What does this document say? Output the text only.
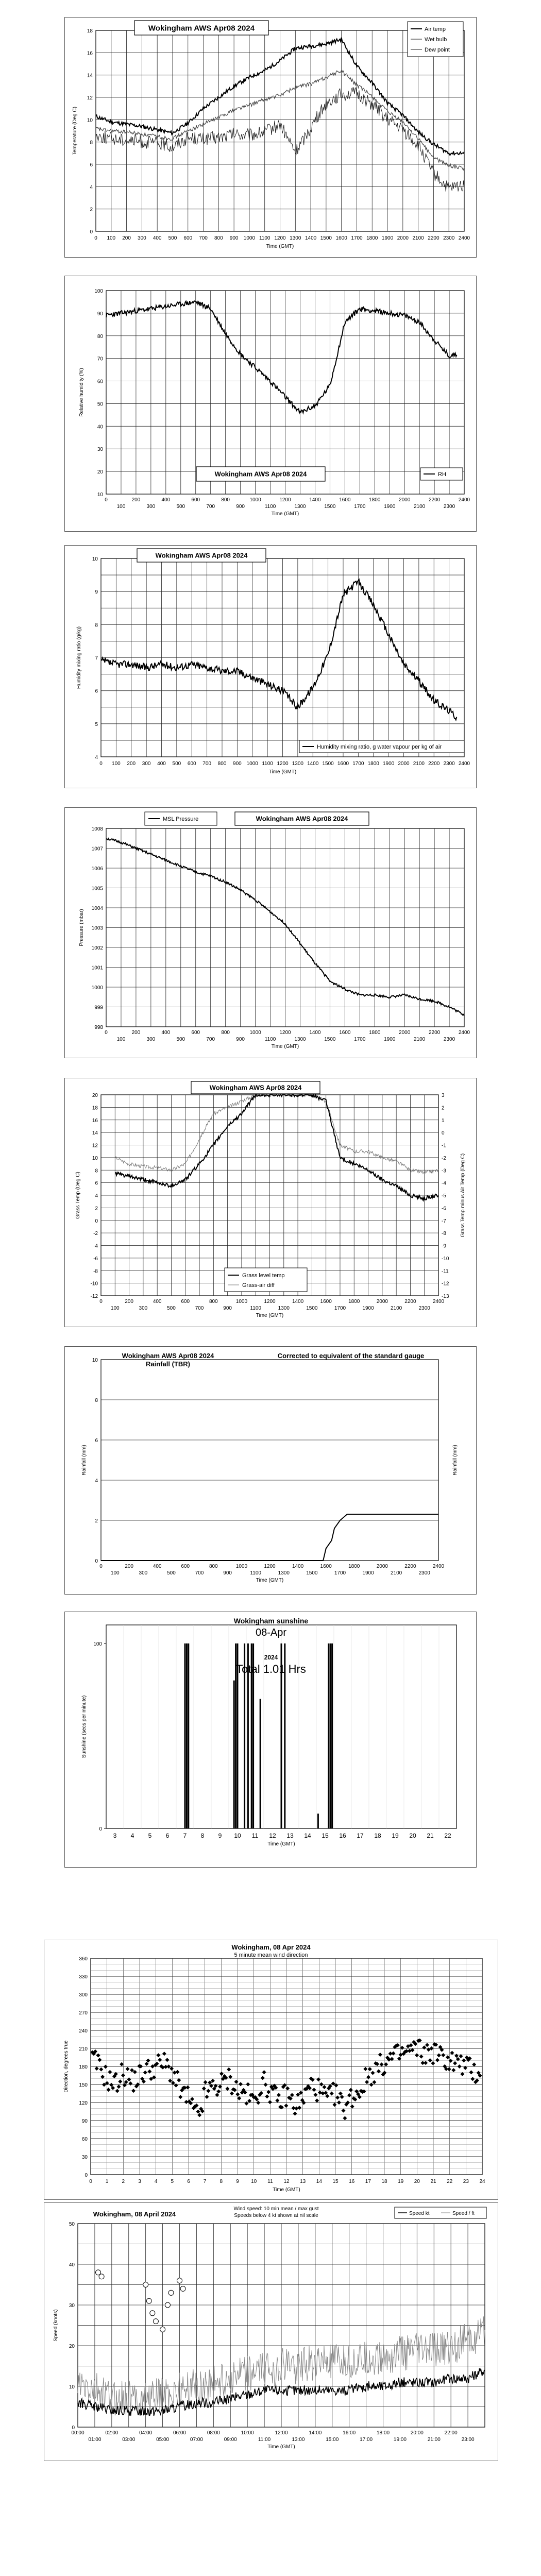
0
2
4
6
8
10
12
14
16
18
0 100 200 300 400 500 600 700 800 900 1000 1100 1200 1300 1400 1500 1600 1700 1800 1900 2000 2100 2200 2300 2400
Temperature (Deg C)
Time (GMT)
Wokingham AWS Apr08 2024	Air temp
Wet bulb
Dew point
10
20
30
40
50
60
70
80
90
100
0	200	400	600	800	1000	1200	1400	1600	1800	2000	2200	2400
100	300	500	700	900	1100	1300	1500	1700	1900	2100	2300
Relative humidity (%)
Time (GMT)
Wokingham AWS Apr08 2024	RH
4
5
6
7
8
9
10
0 100 200 300 400 500 600 700 800 900 1000 1100 1200 1300 1400 1500 1600 1700 1800 1900 2000 2100 2200 2300 2400
Humidity mixing ratio (g/kg)
Time (GMT)
Wokingham AWS Apr08 2024
Humidity mixing ratio, g water vapour per kg of air
998
999
1000
1001
1002
1003
1004
1005
1006
1007
1008
0	200	400	600	800	1000	1200	1400	1600	1800	2000	2200	2400
100	300	500	700	900	1100	1300	1500	1700	1900	2100	2300
Pressure (mbar)
Time (GMT)
MSL Pressure	Wokingham AWS Apr08 2024
-12
-10
-8
-6
-4
-2
0
2
4
6
8
10
12
14
16
18
20
-13
-12
-11
-10
-9
-8
-7
-6
-5
-4
-3
-2
-1
0
1
2
3
0	200	400	600	800	1000	1200	1400	1600	1800	2000	2200	2400
100	300	500	700	900	1100	1300	1500	1700	1900	2100	2300
Grass Temp (Deg C)	Grass Temp minus Air Temp (Deg C)
Time (GMT)
Wokingham AWS Apr08 2024
Grass level temp
Grass-air diff
0
2
4
6
8
10
0	200	400	600	800	1000	1200	1400	1600	1800	2000	2200	2400
100	300	500	700	900	1100	1300	1500	1700	1900	2100	2300
Rainfall (mm)	Rainfall (mm)
Time (GMT)
Wokingham AWS Apr08 2024
Rainfall (TBR)
Corrected to equivalent of the standard gauge
0
100
3 4 5 6 7 8 9 10 11 12 13 14 15 16 17 18 19 20 21 22
Sunshine (secs per minute)
Time (GMT)
Wokingham sunshine
08-Apr
2024
Total 1.01 Hrs
0
30
60
90
120
150
180
210
240
270
300
330
360
0	1	2	3	4	5	6	7	8	9 10 11 12 13 14 15 16 17 18 19 20 21 22 23 24
Direction, degrees true
Time (GMT)
Wokingham, 08 Apr 2024
5 minute mean wind direction
0
10
20
30
40
50
00:00	02:00	04:00	06:00	08:00	10:00	12:00	14:00	16:00	18:00	20:00	22:00
01:00	03:00	05:00	07:00	09:00	11:00	13:00	15:00	17:00	19:00	21:00	23:00
Speed (knots)
Time (GMT)
Wokingham, 08 April 2024
Wind speed: 10 min mean / max gust
Speeds below 4 kt shown at nil scale	Speed kt	Speed / ft
